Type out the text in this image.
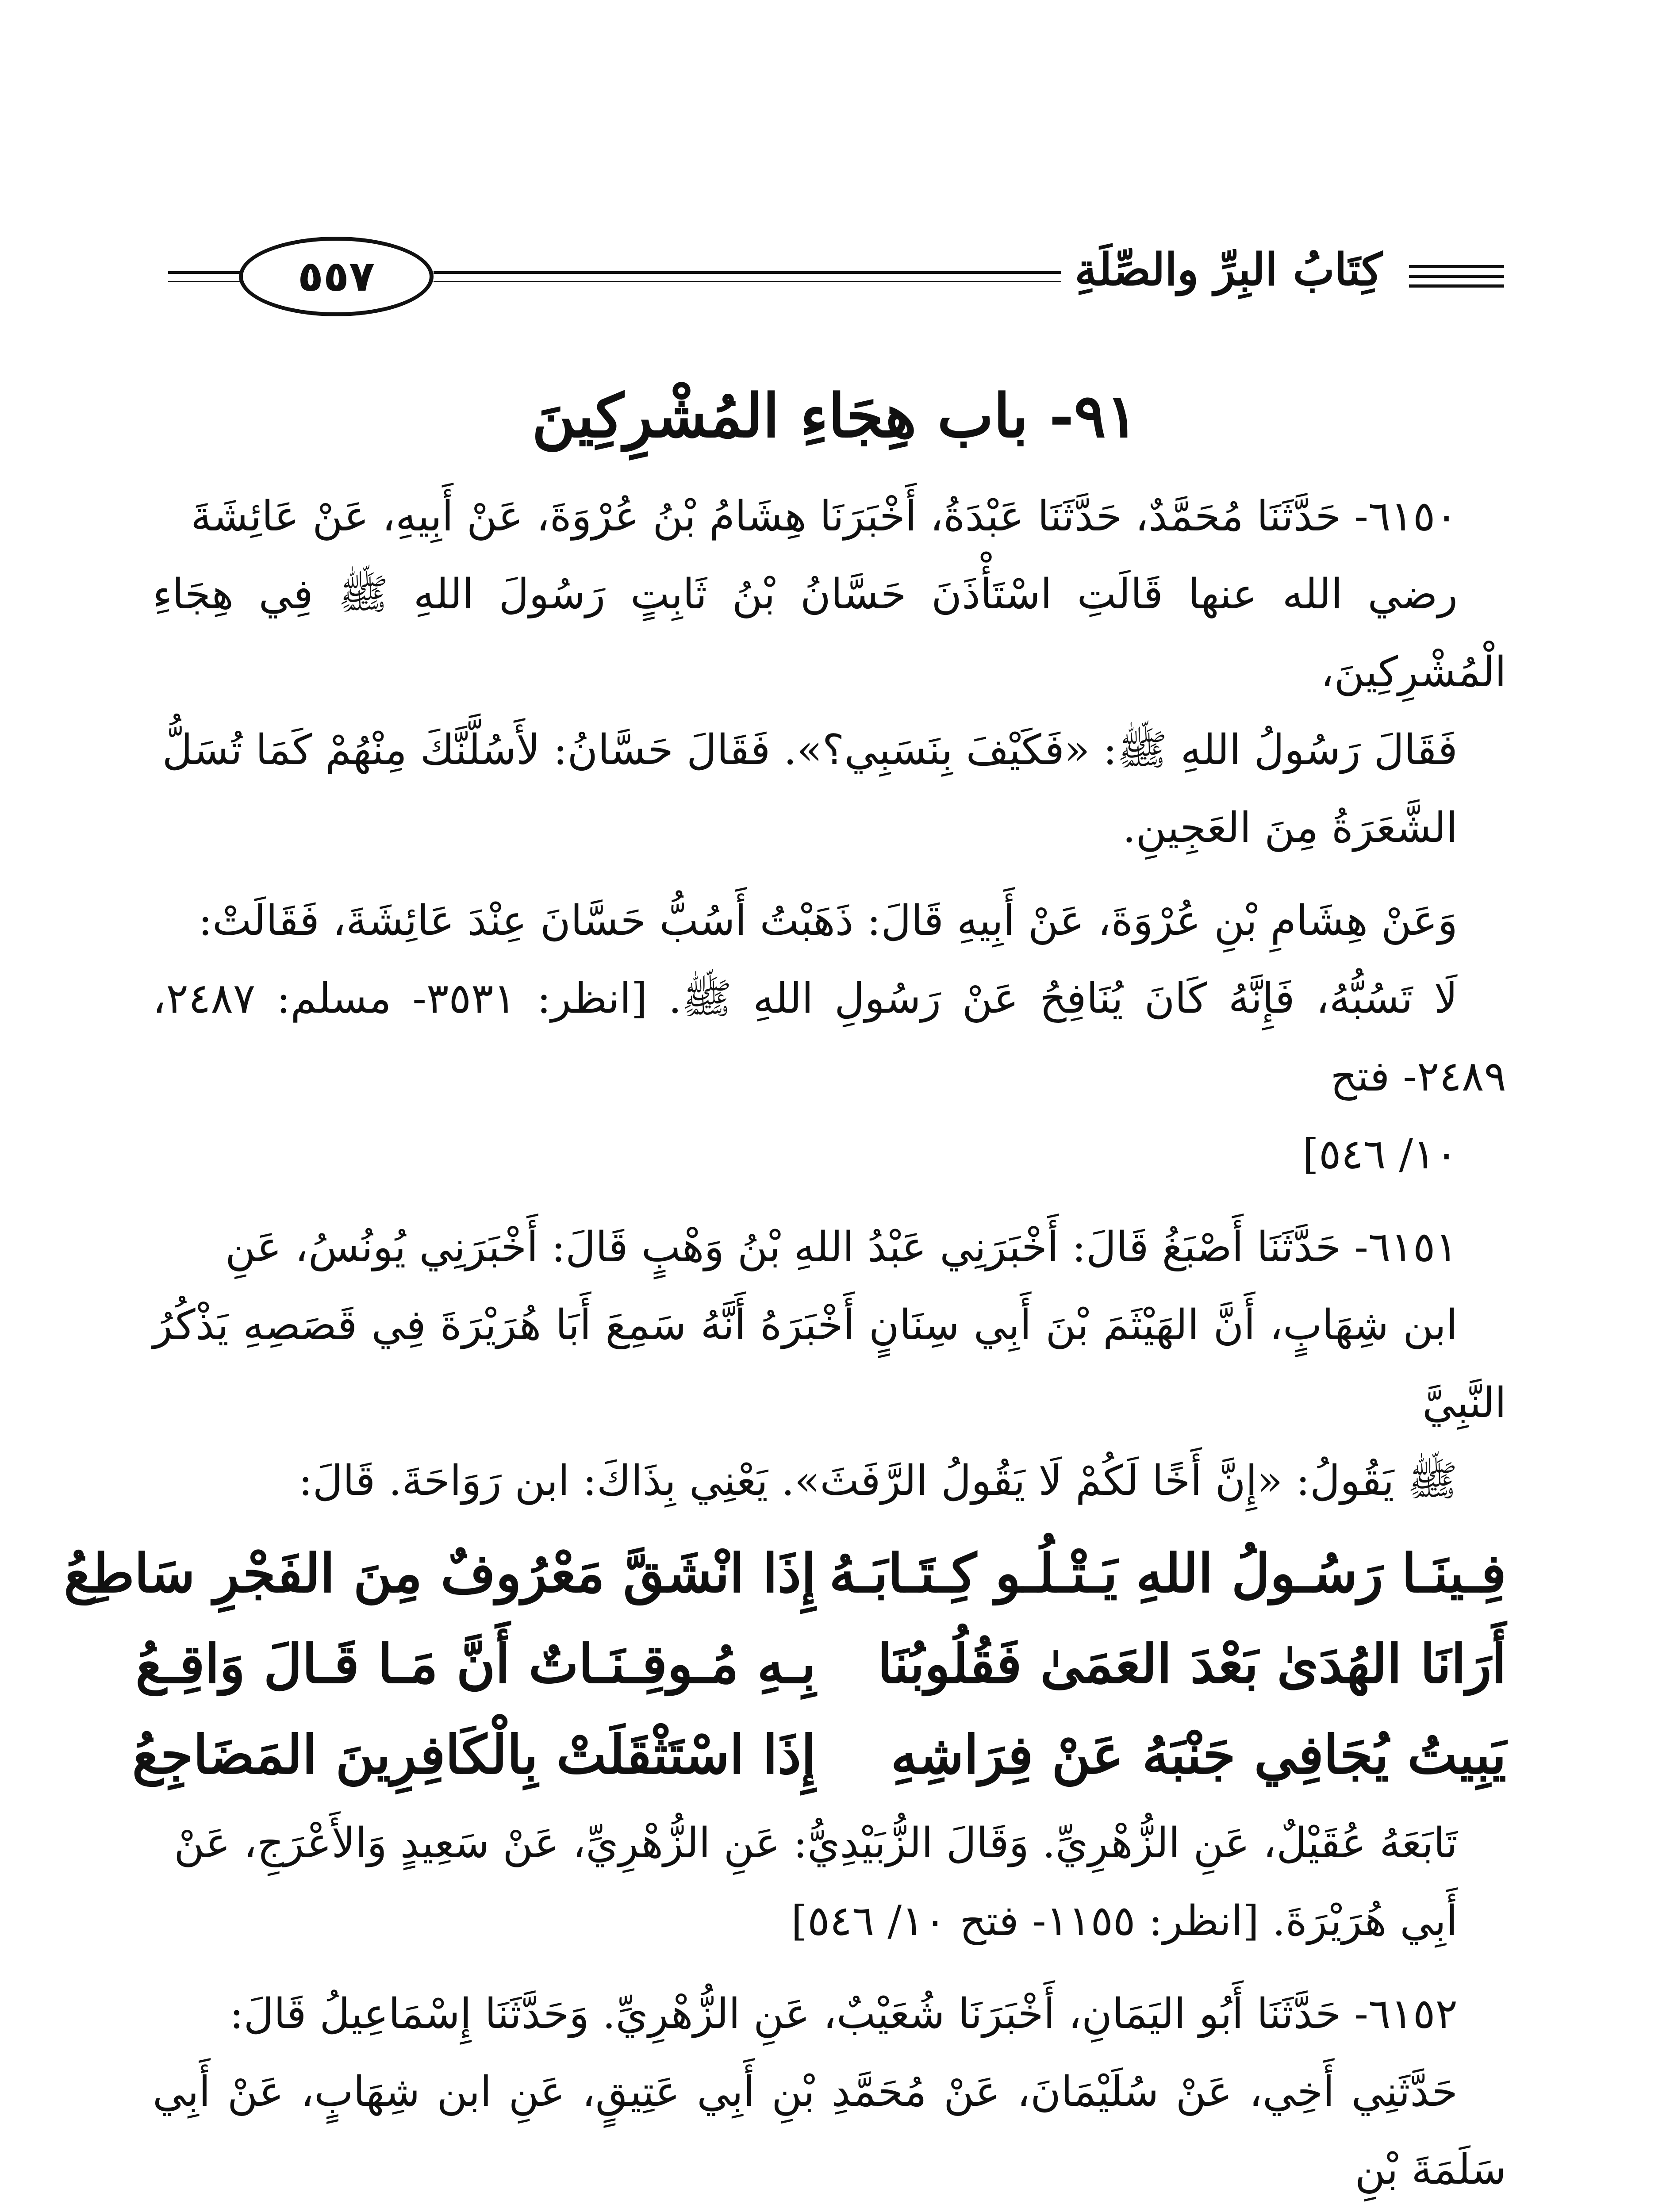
٥٥٧	كِتَابُ البِرِّ والصِّلَةِ
٩١- باب هِجَاءِ المُشْرِكِينَ

٦١٥٠- حَدَّثَنَا مُحَمَّدٌ، حَدَّثَنَا عَبْدَةُ، أَخْبَرَنَا هِشَامُ بْنُ عُرْوَةَ، عَنْ أَبِيهِ، عَنْ عَائِشَةَ
رضي الله عنها قَالَتِ اسْتَأْذَنَ حَسَّانُ بْنُ ثَابِتٍ رَسُولَ اللهِ ﷺ فِي هِجَاءِ الْمُشْرِكِينَ،
فَقَالَ رَسُولُ اللهِ ﷺ: «فَكَيْفَ بِنَسَبِي؟». فَقَالَ حَسَّانُ: لأَسُلَّنَّكَ مِنْهُمْ كَمَا تُسَلُّ
الشَّعَرَةُ مِنَ العَجِينِ.

وَعَنْ هِشَامِ بْنِ عُرْوَةَ، عَنْ أَبِيهِ قَالَ: ذَهَبْتُ أَسُبُّ حَسَّانَ عِنْدَ عَائِشَةَ، فَقَالَتْ:
لَا تَسُبُّهُ، فَإِنَّهُ كَانَ يُنَافِحُ عَنْ رَسُولِ اللهِ ﷺ. [انظر: ٣٥٣١- مسلم: ٢٤٨٧، ٢٤٨٩- فتح
١٠/ ٥٤٦]

٦١٥١- حَدَّثَنَا أَصْبَغُ قَالَ: أَخْبَرَنِي عَبْدُ اللهِ بْنُ وَهْبٍ قَالَ: أَخْبَرَنِي يُونُسُ، عَنِ
ابن شِهَابٍ، أَنَّ الهَيْثَمَ بْنَ أَبِي سِنَانٍ أَخْبَرَهُ أَنَّهُ سَمِعَ أَبَا هُرَيْرَةَ فِي قَصَصِهِ يَذْكُرُ النَّبِيَّ
ﷺ يَقُولُ: «إِنَّ أَخًا لَكُمْ لَا يَقُولُ الرَّفَثَ». يَعْنِي بِذَاكَ: ابن رَوَاحَةَ. قَالَ:

فِـينَـا رَسُـولُ اللهِ يَـتْـلُـو كِـتَـابَـهُ
إِذَا انْشَقَّ مَعْرُوفٌ مِنَ الفَجْرِ سَاطِعُ
أَرَانَا الهُدَىٰ بَعْدَ العَمَىٰ فَقُلُوبُنَا
بِـهِ مُـوقِـنَـاتٌ أَنَّ مَـا قَـالَ وَاقِـعُ
يَبِيتُ يُجَافِي جَنْبَهُ عَنْ فِرَاشِهِ
إِذَا اسْتَثْقَلَتْ بِالْكَافِرِينَ المَضَاجِعُ

تَابَعَهُ عُقَيْلٌ، عَنِ الزُّهْرِيِّ. وَقَالَ الزُّبَيْدِيُّ: عَنِ الزُّهْرِيِّ، عَنْ سَعِيدٍ وَالأَعْرَجِ، عَنْ
أَبِي هُرَيْرَةَ. [انظر: ١١٥٥- فتح ١٠/ ٥٤٦]

٦١٥٢- حَدَّثَنَا أَبُو اليَمَانِ، أَخْبَرَنَا شُعَيْبٌ، عَنِ الزُّهْرِيِّ. وَحَدَّثَنَا إِسْمَاعِيلُ قَالَ:
حَدَّثَنِي أَخِي، عَنْ سُلَيْمَانَ، عَنْ مُحَمَّدِ بْنِ أَبِي عَتِيقٍ، عَنِ ابن شِهَابٍ، عَنْ أَبِي سَلَمَةَ بْنِ
